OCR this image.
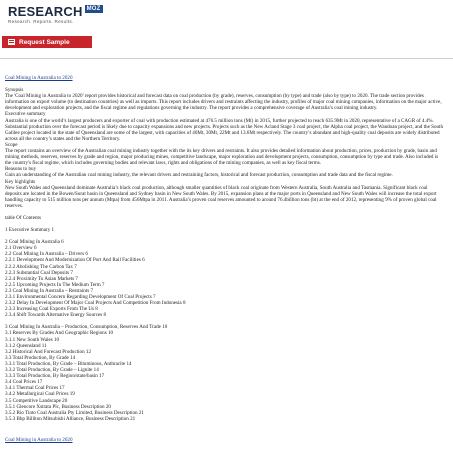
RESEARCH MOZ
Research. Reports. Results.
Request Sample

Coal Mining in Australia to 2020

Synopsis

The 'Coal Mining in Australia to 2020' report provides historical and forecast data on coal production (by grade), reserves, consumption (by type) and trade (also by type) to 2020. The trade section provides information on export volume (to destination countries) as well as imports. This report includes drivers and restraints affecting the industry, profiles of major coal mining companies, information on the major active, development and exploration projects, and the fiscal regime and regulations governing the industry. The report provides a comprehensive coverage of Australia’s coal mining industry.

Executive summary

Australia is one of the world’s largest producers and exporter of coal with production estimated at 476.5 million tons (Mt) in 2015, further projected to reach 635.9Mt in 2020, representative of a CAGR of 4.4%. Substantial production over the forecast period is likely due to capacity expansions and new projects. Projects such as the New Acland Stage 3 coal project, the Alpha coal project, the Wandoan project, and the South Galilee project located in the state of Queensland are some of the largest, with capacities of 40Mt, 30Mt, 22Mt and 13.6Mt respectively. The country’s abundant and high-quality coal deposits are widely distributed across all the country’s states and the Northern Territory.

Scope

The report contains an overview of the Australian coal mining industry together with the its key drivers and restraints. It also provides detailed information about production, prices, production by grade, basin and mining methods, reserves, reserves by grade and region, major producing mines, competitive landscape, major exploration and development projects, consumption, consumption by type and trade. Also included is the country's fiscal regime, which includes governing bodies and relevant laws, rights and obligations of the mining companies, as well as key fiscal terms.

Reasons to buy

Gain an understanding of the Australian coal mining industry, the relevant drivers and restraining factors, historical and forecast production, consumption and trade data and the fiscal regime.

Key highlights

New South Wales and Queensland dominate Australia’s black coal production, although smaller quantities of black coal originate from Western Australia, South Australia and Tasmania. Significant black coal deposits are located in the Bowen/Surat basin in Queensland and Sydney basin in New South Wales. By 2015, expansion plans at the major ports in Queensland and New South Wales will increase the total export handling capacity to 515 million tons per annum (Mtpa) from 456Mtpa in 2011. Australia’s proven coal reserves amounted to around 76.4billion tons (bt) at the end of 2012, representing 9% of proven global coal reserves.

table Of Contents

1 Executive Summary 1
2 Coal Mining In Australia 6
2.1 Overview 6
2.2 Coal Mining In Australia – Drivers 6
2.2.1 Development And Modernization Of Port And Rail Facilities 6
2.2.2 Abolishing The Carbon Tax 7
2.2.3 Substantial Coal Deposits 7
2.2.4 Proximity To Asian Markets 7
2.2.5 Upcoming Projects In The Medium Term 7
2.3 Coal Mining In Australia – Restraints 7
2.3.1 Environmental Concern Regarding Development Of Coal Projects 7
2.3.2 Delay In Development Of Major Coal Projects And Competition From Indonesia 8
2.3.3 Increasing Coal Exports From The Us 8
2.3.4 Shift Towards Alternative Energy Sources 8
3 Coal Mining In Australia – Production, Consumption, Reserves And Trade 10
3.1 Reserves By Grades And Geographic Regions 10
3.1.1 New South Wales 10
3.1.2 Queensland 11
3.2 Historical And Forecast Production 12
3.3 Total Production, By Grade 14
3.3.1 Total Production, By Grade – Bituminous, Anthracite 14
3.3.2 Total Production, By Grade – Lignite 14
3.3.3 Total Production, By Region/state/basin 17
3.4 Coal Prices 17
3.4.1 Thermal Coal Prices 17
3.4.2 Metallurgical Coal Prices 19
3.5 Competitive Landscape 20
3.5.1 Glencore Xstrata Plc, Business Description 20
3.5.2 Rio Tinto Coal Australia Pty Limited, Business Description 21
3.5.3 Bhp Billiton Mitsubishi Alliance, Business Description 21
Coal Mining in Australia to 2020
